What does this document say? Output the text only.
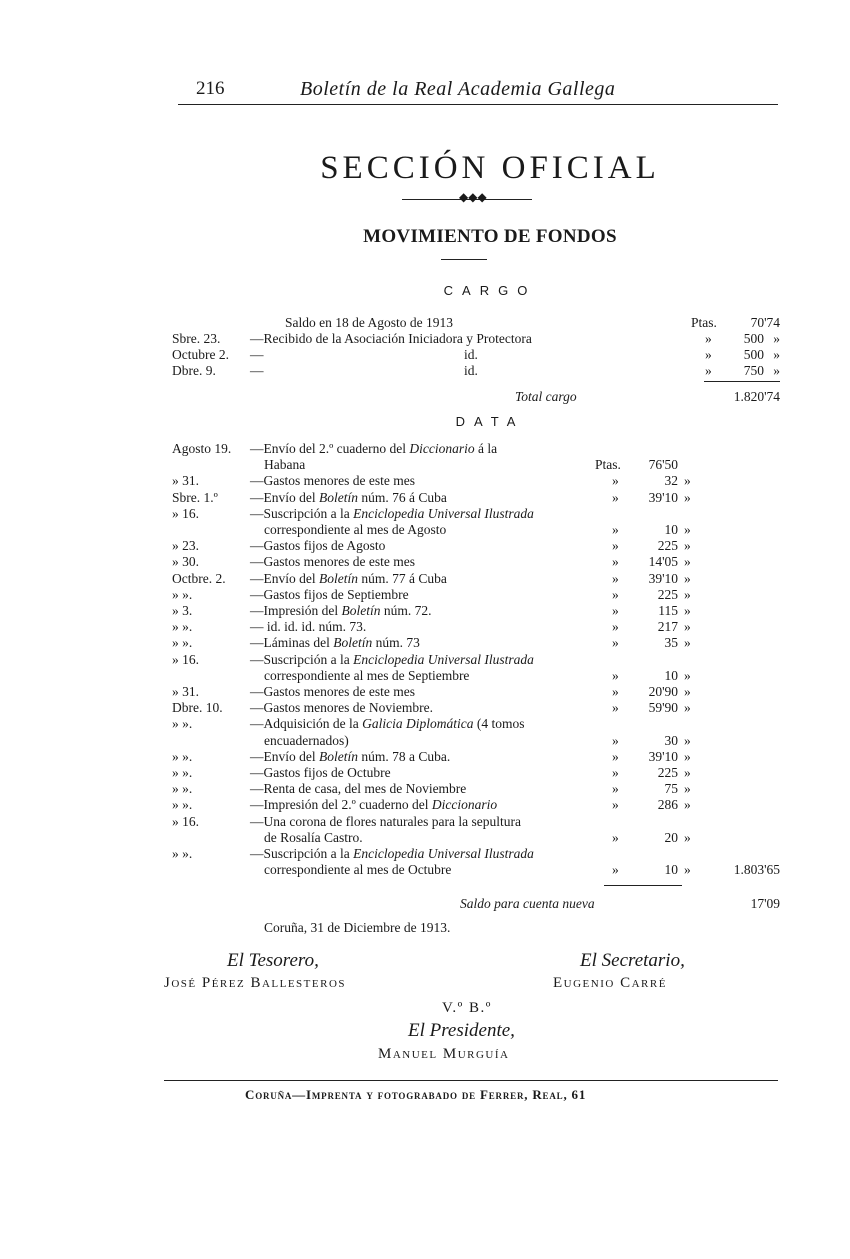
216	Boletín de la Real Academia Gallega
SECCIÓN OFICIAL
◆◆◆
MOVIMIENTO DE FONDOS
CARGO
Saldo en 18 de Agosto de 1913	Ptas. 70'74
Sbre. 23. —Recibido de la Asociación Iniciadora y Protectora	» 500 »
Octubre 2. —	id.	» 500 »
Dbre. 9.	—	id.	» 750 »
Total cargo	1.820'74
DATA
Agosto 19. —Envío del 2.º cuaderno del Diccionario á la
Habana	Ptas.	76'50
» 31.	—Gastos menores de este mes	»	32 »
Sbre. 1.º —Envío del Boletín núm. 76 á Cuba	»	39'10 »
» 16.	—Suscripción a la Enciclopedia Universal Ilustrada
correspondiente al mes de Agosto	»	10 »
» 23.	—Gastos fijos de Agosto	»	225 »
» 30.	—Gastos menores de este mes	»	14'05 »
Octbre. 2. —Envío del Boletín núm. 77 á Cuba	»	39'10 »
» ».	—Gastos fijos de Septiembre	»	225 »
» 3.	—Impresión del Boletín núm. 72.	»	115 »
» ».	— id. id. id. núm. 73.	»	217 »
» ».	—Láminas del Boletín núm. 73	»	35 »
» 16.	—Suscripción a la Enciclopedia Universal Ilustrada
correspondiente al mes de Septiembre	»	10 »
» 31.	—Gastos menores de este mes	»	20'90 »
Dbre. 10. —Gastos menores de Noviembre.	»	59'90 »
» ».	—Adquisición de la Galicia Diplomática (4 tomos
encuadernados)	»	30 »
» ».	—Envío del Boletín núm. 78 a Cuba.	»	39'10 »
» ».	—Gastos fijos de Octubre	»	225 »
» ».	—Renta de casa, del mes de Noviembre	»	75 »
» ».	—Impresión del 2.º cuaderno del Diccionario	»	286 »
» 16.	—Una corona de flores naturales para la sepultura
de Rosalía Castro.	»	20 »
» ».	—Suscripción a la Enciclopedia Universal Ilustrada
correspondiente al mes de Octubre	»	10 »	1.803'65
Saldo para cuenta nueva	17'09
Coruña, 31 de Diciembre de 1913.
El Tesorero,
José Pérez Ballesteros
El Secretario,
Eugenio Carré
V.º B.º
El Presidente,
Manuel Murguía
Coruña—Imprenta y fotograbado de Ferrer, Real, 61
